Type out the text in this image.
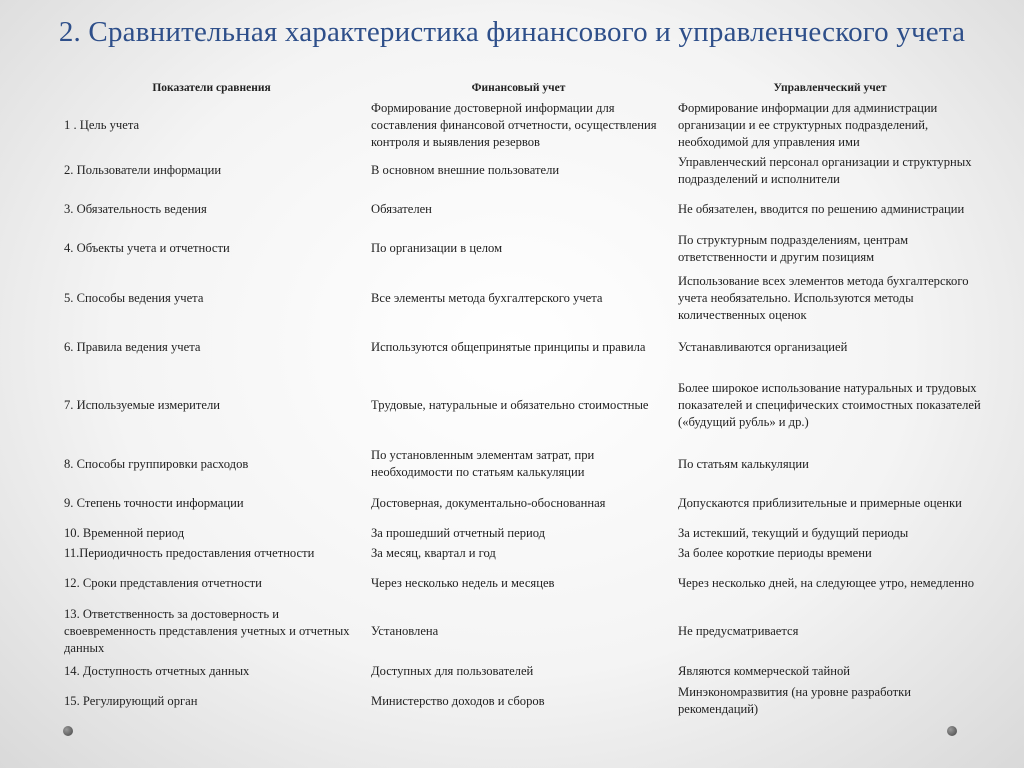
2. Сравнительная характеристика финансового и управленческого учета
Показатели сравнения	Финансовый учет	Управленческий учет
1 . Цель учета	Формирование достоверной информации для составления финансовой отчетности, осуществления контроля и выявления резервов	Формирование информации для администрации организации и ее структурных подразделений, необходимой для управления ими
2. Пользователи информации	В основном внешние пользователи	Управленческий персонал организации и структурных подразделений и исполнители
3. Обязательность ведения	Обязателен	Не обязателен, вводится по решению администрации
4. Объекты учета и отчетности	По организации в целом	По структурным подразделениям, центрам ответственности и другим позициям
5. Способы ведения учета	Все элементы метода бухгалтерского учета	Использование всех элементов метода бухгалтерского учета необязательно. Используются методы количественных оценок
6. Правила ведения учета	Используются общепринятые принципы и правила	Устанавливаются организацией
7. Используемые измерители	Трудовые, натуральные и обязательно стоимостные	Более широкое использование натуральных и трудовых показателей и специфических стоимостных показателей («будущий рубль» и др.)
8. Способы группировки расходов	По установленным элементам затрат, при необходимости по статьям калькуляции	По статьям калькуляции
9. Степень точности информации	Достоверная, документально-обоснованная	Допускаются приблизительные и примерные оценки
10. Временной период	За прошедший отчетный период	За истекший, текущий и будущий периоды
11.Периодичность предоставления отчетности	За месяц, квартал и год	За более короткие периоды времени
12. Сроки представления отчетности	Через несколько недель и месяцев	Через несколько дней, на следующее утро, немедленно
13. Ответственность за достоверность и своевременность представления учетных и отчетных данных	Установлена	Не предусматривается
14. Доступность отчетных данных	Доступных для пользователей	Являются коммерческой тайной
15. Регулирующий орган	Министерство доходов и сборов	Минэкономразвития (на уровне разработки рекомендаций)
